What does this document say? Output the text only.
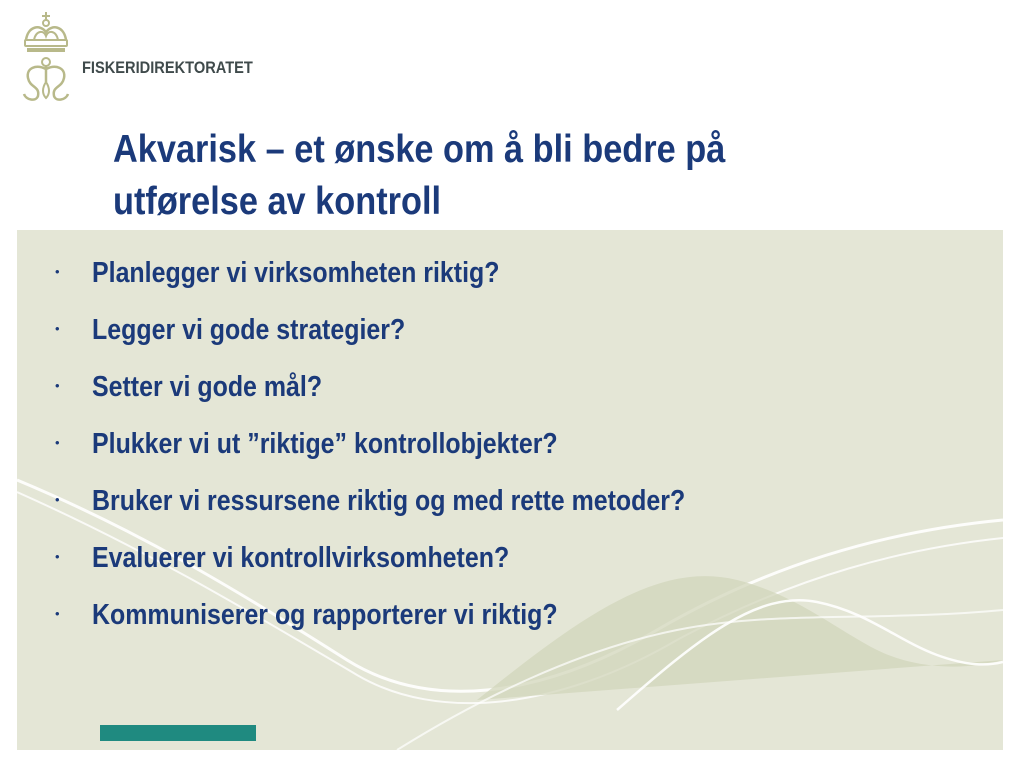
FISKERIDIREKTORATET
Akvarisk – et ønske om å bli bedre på
utførelse av kontroll
• Planlegger vi virksomheten riktig?
• Legger vi gode strategier?
• Setter vi gode mål?
• Plukker vi ut ”riktige” kontrollobjekter?
• Bruker vi ressursene riktig og med rette metoder?
• Evaluerer vi kontrollvirksomheten?
• Kommuniserer og rapporterer vi riktig?
